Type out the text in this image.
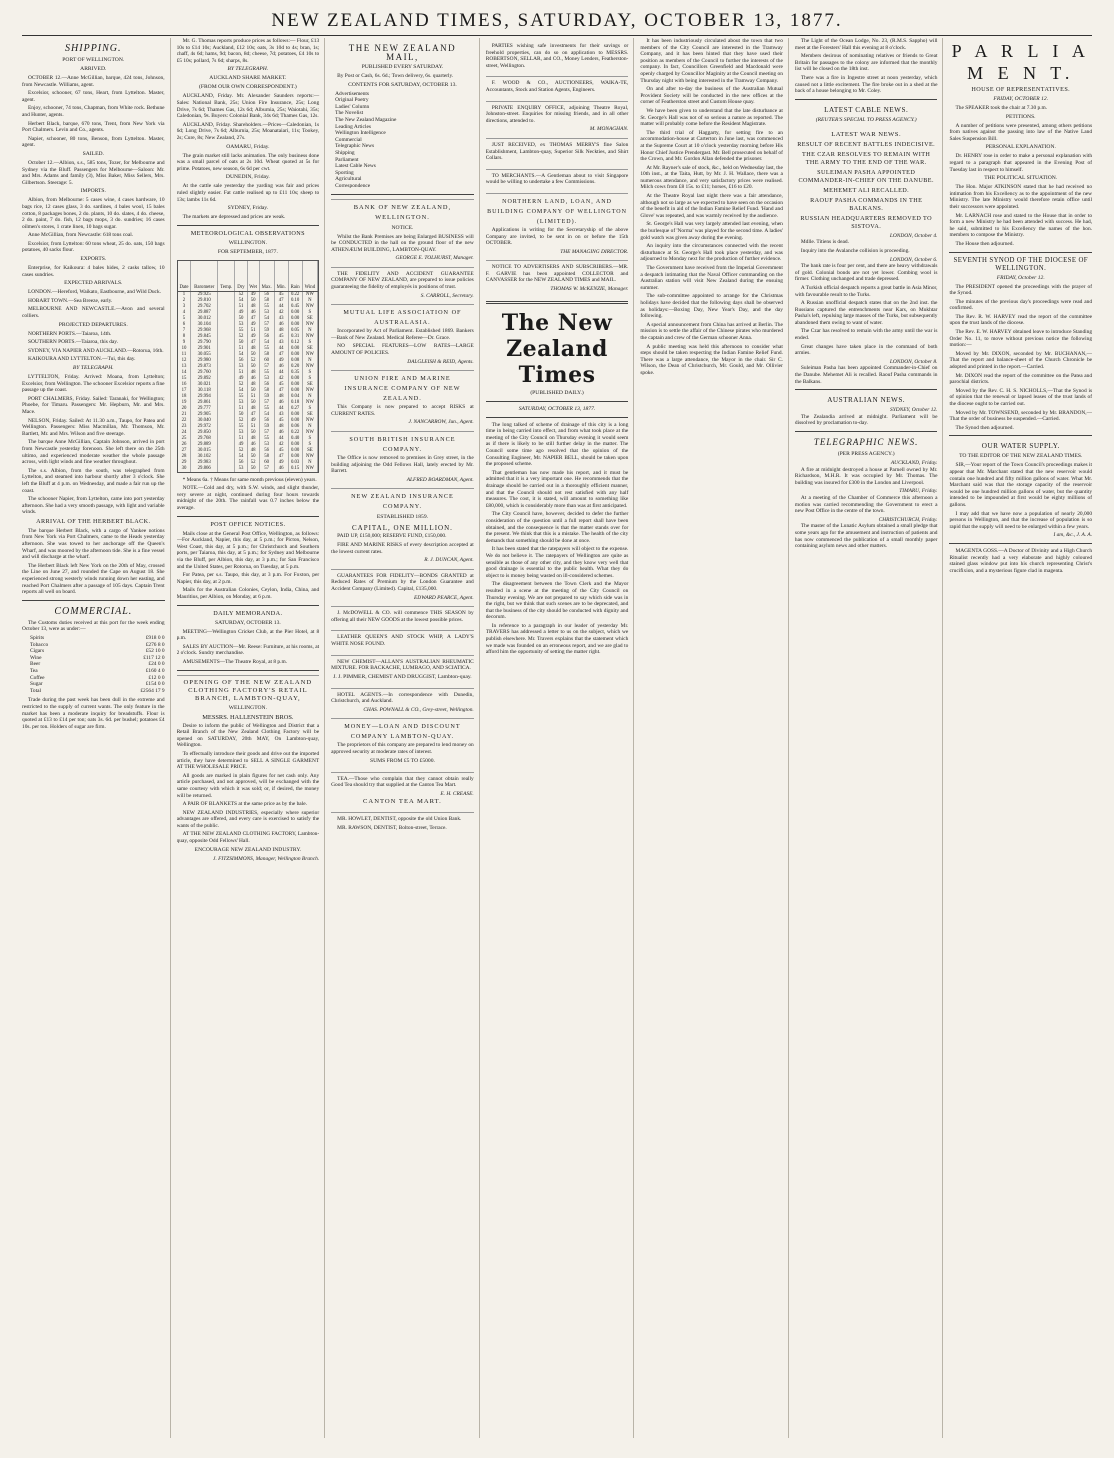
NEW ZEALAND TIMES, SATURDAY, OCTOBER 13, 1877.
SHIPPING.
PORT OF WELLINGTON.
ARRIVED.

OCTOBER 12.—Anne McGillian, barque, 424 tons, Johnson, from Newcastle. Williams, agent.

Excelsior, schooner, 67 tons, Heart, from Lyttelton. Master, agent.

Enjoy, schooner, 74 tons, Chapman, from White rock. Bethune and Hunter, agents.

Herbert Black, barque, 670 tons, Trent, from New York via Port Chalmers. Levin and Co., agents.

Napier, schooner, 80 tons, Benson, from Lyttelton. Master, agent.

SAILED.

October 12.—Albion, s.s., 585 tons, Tozer, for Melbourne and Sydney via the Bluff. Passengers for Melbourne—Saloon: Mr. and Mrs. Adams and family (3), Miss Baker, Miss Sellers, Mrs. Gilbertson. Steerage: 5.

IMPORTS.

Albion, from Melbourne: 5 cases wine, 4 cases hardware, 10 bags rice, 12 cases glass, 3 do. sardines, 4 bales wool, 15 bales cotton, 8 packages bones, 2 do. plants, 10 do. slates, 4 do. cheese, 2 do. paint, 7 do. fish, 12 bags mops, 3 do. sundries; 16 cases oilmen's stores, 1 crate linen, 10 bags sugar.

Anne McGillian, from Newcastle: 618 tons coal.

Excelsior, from Lyttelton: 60 tons wheat, 25 do. oats, 150 bags potatoes, 40 sacks flour.

EXPORTS.

Enterprise, for Kaikoura: 4 bales hides, 2 casks tallow, 10 cases sundries.

EXPECTED ARRIVALS.

LONDON.—Hereford, Waikato, Eastbourne, and Wild Duck.

HOBART TOWN.—Sea Breeze, early.

MELBOURNE AND NEWCASTLE.—Avon and several colliers.

PROJECTED DEPARTURES.

NORTHERN PORTS.—Taiaroa, 14th.

SOUTHERN PORTS.—Taiaroa, this day.

SYDNEY, VIA NAPIER AND AUCKLAND.—Rotorua, 16th.

KAIKOURA AND LYTTELTON.—Tui, this day.

BY TELEGRAPH.

LYTTELTON, Friday. Arrived: Moana, from Lyttelton; Excelsior, from Wellington. The schooner Excelsior reports a fine passage up the coast.

PORT CHALMERS, Friday. Sailed: Taranaki, for Wellington; Phoebe, for Timaru. Passengers: Mr. Hepburn, Mr. and Mrs. Mace.

NELSON, Friday. Sailed: At 11.30 a.m., Taupo, for Patea and Wellington. Passengers: Miss Macmillan, Mr. Thomson, Mr. Bartlett, Mr. and Mrs. Wilson and five steerage.

The barque Anne McGillian, Captain Johnson, arrived in port from Newcastle yesterday forenoon. She left there on the 25th ultimo, and experienced moderate weather the whole passage across, with light winds and fine weather throughout.

The s.s. Albion, from the south, was telegraphed from Lyttelton, and steamed into harbour shortly after 3 o'clock. She left the Bluff at 4 p.m. on Wednesday, and made a fair run up the coast.

The schooner Napier, from Lyttelton, came into port yesterday afternoon. She had a very smooth passage, with light and variable winds.

ARRIVAL OF THE HERBERT BLACK.

The barque Herbert Black, with a cargo of Yankee notions from New York via Port Chalmers, came to the Heads yesterday afternoon. She was towed to her anchorage off the Queen's Wharf, and was moored by the afternoon tide. She is a fine vessel and will discharge at the wharf.

The Herbert Black left New York on the 20th of May, crossed the Line on June 27, and rounded the Cape on August 18. She experienced strong westerly winds running down her easting, and reached Port Chalmers after a passage of 105 days. Captain Trent reports all well on board.

COMMERCIAL.

The Customs duties received at this port for the week ending October 13, were as under:—

Spirits	£918 0 0
Tobacco	£276 8 0
Cigars	£52 10 0
Wine	£117 12 0
Beer	£24 0 0
Tea	£160 4 0
Coffee	£12 0 0
Sugar	£154 0 0
Total	£2564 17 9

Trade during the past week has been dull in the extreme and restricted to the supply of current wants. The only feature in the market has been a moderate inquiry for breadstuffs. Flour is quoted at £13 to £14 per ton; oats 3s. 6d. per bushel; potatoes £4 10s. per ton. Holders of sugar are firm.

Mr. G. Thomas reports produce prices as follows:— Flour, £13 10s to £14 10s; Auckland, £12 10s; oats, 3s 10d to 4s; bran, 1s; chaff, 4s 6d; hams, 9d; bacon, 8d; cheese, 7d; potatoes, £4 10s to £5 10s; pollard, 7s 6d; sharps, 8s.

BY TELEGRAPH.
AUCKLAND SHARE MARKET.
(FROM OUR OWN CORRESPONDENT.)

AUCKLAND, Friday. Mr. Alexander Saunders reports:—Sales: National Bank, 25s; Union Fire Insurance, 25s; Long Drive, 7s 6d; Thames Gas, 12s 6d; Alburnia, 25s; Waiotahi, 35s; Caledonian, 9s. Buyers: Colonial Bank, 34s 6d; Thames Gas, 12s.

AUCKLAND, Friday. Shareholders.—Prices—Caledonian, 1s 6d; Long Drive, 7s 6d; Alburnia, 25s; Moanataiari, 11s; Tookey, 2s; Cure, 8s; New Zealand, 27s.

OAMARU, Friday.

The grain market still lacks animation. The only business done was a small parcel of oats at 2s 10d. Wheat quoted at 5s for prime. Potatoes, new season, 6s 6d per cwt.

DUNEDIN, Friday.

At the cattle sale yesterday the yarding was fair and prices ruled slightly easier. Fat cattle realised up to £11 10s; sheep to 13s; lambs 11s 6d.

SYDNEY, Friday.

The markets are depressed and prices are weak.

METEOROLOGICAL OBSERVATIONS
WELLINGTON.
FOR SEPTEMBER, 1877.
Date	Barometer	Temp.	Dry	Wet	Max.	Min.	Rain	Wind
1	29.925		52	49	56	45	0.22	NW
2	29.810		54	50	58	47	0.10	N
3	29.702		51	48	55	44	0.45	NW
4	29.887		49	46	53	42	0.00	S
5	30.012		50	47	54	43	0.00	SE
6	30.104		53	49	57	46	0.00	NW
7	29.968		55	51	59	48	0.05	N
8	29.845		52	49	56	45	0.31	NW
9	29.790		50	47	54	43	0.12	S
10	29.901		51	48	55	44	0.00	SE
11	30.055		54	50	58	47	0.00	NW
12	29.980		56	52	60	49	0.08	N
13	29.873		53	50	57	46	0.20	NW
14	29.760		51	48	55	44	0.35	S
15	29.892		49	46	53	42	0.00	S
16	30.021		52	48	56	45	0.00	SE
17	30.118		54	50	58	47	0.00	NW
18	29.994		55	51	59	48	0.04	N
19	29.861		53	50	57	46	0.18	NW
20	29.777		51	48	55	44	0.27	S
21	29.905		50	47	54	43	0.00	SE
22	30.040		52	49	56	45	0.00	NW
23	29.972		55	51	59	48	0.06	N
24	29.850		53	50	57	46	0.22	NW
25	29.768		51	48	55	44	0.40	S
26	29.889		49	46	53	42	0.00	S
27	30.015		52	48	56	45	0.00	SE
28	30.102		54	50	58	47	0.00	NW
29	29.983		56	52	60	49	0.03	N
30	29.866		53	50	57	46	0.15	NW

* Means 6a. † Means for same month previous (eleven) years.

NOTE.—Cold and dry, with S.W. winds, and slight thunder, very severe at night, continued during four hours towards midnight of the 20th. The rainfall was 0.7 inches below the average.

POST OFFICE NOTICES.

Mails close at the General Post Office, Wellington, as follows:—For Auckland, Napier, this day, at 5 p.m.; for Picton, Nelson, West Coast, this day, at 5 p.m.; for Christchurch and Southern ports, per Taiaroa, this day, at 5 p.m.; for Sydney and Melbourne via the Bluff, per Albion, this day, at 3 p.m.; for San Francisco and the United States, per Rotorua, on Tuesday, at 5 p.m.

For Patea, per s.s. Taupo, this day, at 3 p.m. For Foxton, per Napier, this day, at 2 p.m.

Mails for the Australian Colonies, Ceylon, India, China, and Mauritius, per Albion, on Monday, at 6 p.m.

DAILY MEMORANDA.
SATURDAY, OCTOBER 13.

MEETING—Wellington Cricket Club, at the Pier Hotel, at 8 p.m.

SALES BY AUCTION—Mr. Reese: Furniture, at his rooms, at 2 o'clock. Sundry merchandise.

AMUSEMENTS—The Theatre Royal, at 8 p.m.

OPENING OF THE NEW ZEALAND CLOTHING FACTORY'S RETAIL BRANCH, LAMBTON-QUAY,
WELLINGTON.
MESSRS. HALLENSTEIN BROS.

Desire to inform the public of Wellington and District that a Retail Branch of the New Zealand Clothing Factory will be opened on SATURDAY, 20th MAY, On Lambton-quay, Wellington.

To effectually introduce their goods and drive out the imported article, they have determined to SELL A SINGLE GARMENT AT THE WHOLESALE PRICE.

All goods are marked in plain figures for net cash only. Any article purchased, and not approved, will be exchanged with the same courtesy with which it was sold; or, if desired, the money will be returned.

A PAIR OF BLANKETS at the same price as by the bale.

NEW ZEALAND INDUSTRIES, especially where superior advantages are offered, and every care is exercised to satisfy the wants of the public.

AT THE NEW ZEALAND CLOTHING FACTORY, Lambton-quay, opposite Odd Fellows' Hall.

ENCOURAGE NEW ZEALAND INDUSTRY.
J. FITZSIMMONS, Manager, Wellington Branch.
THE NEW ZEALAND MAIL,
PUBLISHED EVERY SATURDAY.

By Post or Cash, 6s. 6d.; Town delivery, 6s. quarterly.

CONTENTS FOR SATURDAY, OCTOBER 13.
Advertisements
Original Poetry
Ladies' Column
The Novelist
The New Zealand Magazine
Leading Articles
Wellington Intelligence
Commercial
Telegraphic News
Shipping
Parliament
Latest Cable News
Sporting
Agricultural
Correspondence
BANK OF NEW ZEALAND, WELLINGTON.
NOTICE.

Whilst the Bank Premises are being Enlarged BUSINESS will be CONDUCTED in the hall on the ground floor of the new ATHENÆUM BUILDING, LAMBTON-QUAY.

GEORGE E. TOLHURST, Manager.

THE FIDELITY AND ACCIDENT GUARANTEE COMPANY OF NEW ZEALAND, are prepared to issue policies guaranteeing the fidelity of employés in positions of trust.

S. CARROLL, Secretary.
MUTUAL LIFE ASSOCIATION OF AUSTRALASIA.

Incorporated by Act of Parliament. Established 1869. Bankers—Bank of New Zealand. Medical Referee—Dr. Grace.

NO SPECIAL FEATURES—LOW RATES—LARGE AMOUNT OF POLICIES.

DALGLEISH & REID, Agents.
UNION FIRE AND MARINE INSURANCE COMPANY OF NEW ZEALAND.

This Company is now prepared to accept RISKS at CURRENT RATES.

J. NANCARROW, Jun., Agent.
SOUTH BRITISH INSURANCE COMPANY.

The Office is now removed to premises in Grey street, in the building adjoining the Odd Fellows Hall, lately erected by Mr. Barrett.

ALFRED BOARDMAN, Agent.
NEW ZEALAND INSURANCE COMPANY.
ESTABLISHED 1859.
CAPITAL, ONE MILLION.

PAID UP, £150,000; RESERVE FUND, £150,000.

FIRE AND MARINE RISKS of every description accepted at the lowest current rates.

R. J. DUNCAN, Agent.

GUARANTEES FOR FIDELITY—BONDS GRANTED at Reduced Rates of Premium by the London Guarantee and Accident Company (Limited). Capital, £135,000.

EDWARD PEARCE, Agent.

J. McDOWELL & CO. will commence THIS SEASON by offering all their NEW GOODS at the lowest possible prices.

LEATHER QUEEN'S AND STOCK WHIP, A LADY'S WHITE NOSE FOUND.

NEW CHEMIST—ALLAN'S AUSTRALIAN RHEUMATIC MIXTURE. FOR BACKACHE, LUMBAGO, AND SCIATICA.

J. J. PIMMER, CHEMIST AND DRUGGIST, Lambton-quay.

HOTEL AGENTS.—In correspondence with Dunedin, Christchurch, and Auckland.

CHAS. POWNALL & CO., Grey-street, Wellington.
MONEY—LOAN AND DISCOUNT COMPANY LAMBTON-QUAY.

The proprietors of this company are prepared to lend money on approved security at moderate rates of interest.

SUMS FROM £5 TO £5000.

TEA.—Those who complain that they cannot obtain really Good Tea should try that supplied at the Canton Tea Mart.

E. H. CREASE.
CANTON TEA MART.

MR. HOWLET, DENTIST, opposite the old Union Bank.

MR. RAWSON, DENTIST, Bolton-street, Terrace.

PARTIES wishing safe investments for their savings or freehold properties, can do so on application to MESSRS. ROBERTSON, SELLAR, and CO., Money Lenders, Featherston-street, Wellington.

F. WOOD & CO., AUCTIONEERS, WAIKA-TE, Accountants, Stock and Station Agents, Engineers.

PRIVATE ENQUIRY OFFICE, adjoining Theatre Royal, Johnston-street. Enquiries for missing friends, and in all other directions, attended to.

M. MONAGHAN.

JUST RECEIVED, ex THOMAS MERRY'S fine Salon Establishment, Lambton-quay, Superior Silk Neckties, and Shirt Collars.

TO MERCHANTS.—A Gentleman about to visit Singapore would be willing to undertake a few Commissions.

NORTHERN LAND, LOAN, AND BUILDING COMPANY OF WELLINGTON (LIMITED).

Applications in writing for the Secretaryship of the above Company are invited, to be sent in on or before the 15th OCTOBER.

THE MANAGING DIRECTOR.

NOTICE TO ADVERTISERS AND SUBSCRIBERS.—MR. F. GARVIE has been appointed COLLECTOR and CANVASSER for the NEW ZEALAND TIMES and MAIL.

THOMAS W. McKENZIE, Manager.
The New Zealand Times
(PUBLISHED DAILY.)
SATURDAY, OCTOBER 13, 1877.

The long talked of scheme of drainage of this city is a long time in being carried into effect, and from what took place at the meeting of the City Council on Thursday evening it would seem as if there is likely to be still further delay in the matter. The Council some time ago resolved that the opinion of the Consulting Engineer, Mr. NAPIER BELL, should be taken upon the proposed scheme.

That gentleman has now made his report, and it must be admitted that it is a very important one. He recommends that the drainage should be carried out in a thoroughly efficient manner, and that the Council should not rest satisfied with any half measures. The cost, it is stated, will amount to something like £80,000, which is considerably more than was at first anticipated.

The City Council have, however, decided to defer the further consideration of the question until a full report shall have been obtained, and the consequence is that the matter stands over for the present. We think that this is a mistake. The health of the city demands that something should be done at once.

It has been stated that the ratepayers will object to the expense. We do not believe it. The ratepayers of Wellington are quite as sensible as those of any other city, and they know very well that good drainage is essential to the public health. What they do object to is money being wasted on ill-considered schemes.

The disagreement between the Town Clerk and the Mayor resulted in a scene at the meeting of the City Council on Thursday evening. We are not prepared to say which side was in the right, but we think that such scenes are to be deprecated, and that the business of the city should be conducted with dignity and decorum.

In reference to a paragraph in our leader of yesterday Mr. TRAVERS has addressed a letter to us on the subject, which we publish elsewhere. Mr. Travers explains that the statement which we made was founded on an erroneous report, and we are glad to afford him the opportunity of setting the matter right.

It has been industriously circulated about the town that two members of the City Council are interested in the Tramway Company, and it has been hinted that they have used their position as members of the Council to further the interests of the company. In fact, Councillors Greenfield and Macdonald were openly charged by Councillor Maginity at the Council meeting on Thursday night with being interested in the Tramway Company.

On and after to-day the business of the Australian Mutual Provident Society will be conducted in the new offices at the corner of Featherston street and Custom House quay.

We have been given to understand that the late disturbance at St. George's Hall was not of so serious a nature as reported. The matter will probably come before the Resident Magistrate.

The third trial of Haggarty, for setting fire to an accommodation-house at Carterton in June last, was commenced at the Supreme Court at 10 o'clock yesterday morning before His Honor Chief Justice Prendergast. Mr. Bell prosecuted on behalf of the Crown, and Mr. Gordon Allan defended the prisoner.

At Mr. Rayner's sale of stock, &c., held on Wednesday last, the 10th inst., at the Taita, Hutt, by Mr. J. H. Wallace, there was a numerous attendance, and very satisfactory prices were realised. Milch cows from £8 15s. to £11; horses, £16 to £20.

At the Theatre Royal last night there was a fair attendance, although not so large as we expected to have seen on the occasion of the benefit in aid of the Indian Famine Relief Fund. 'Hand and Glove' was repeated, and was warmly received by the audience.

St. George's Hall was very largely attended last evening, when the burlesque of 'Norma' was played for the second time. A ladies' gold watch was given away during the evening.

An inquiry into the circumstances connected with the recent disturbance at St. George's Hall took place yesterday, and was adjourned to Monday next for the production of further evidence.

The Government have received from the Imperial Government a despatch intimating that the Naval Officer commanding on the Australian station will visit New Zealand during the ensuing summer.

The sub-committee appointed to arrange for the Christmas holidays have decided that the following days shall be observed as holidays:—Boxing Day, New Year's Day, and the day following.

A special announcement from China has arrived at Berlin. The mission is to settle the affair of the Chinese pirates who murdered the captain and crew of the German schooner Anna.

A public meeting was held this afternoon to consider what steps should be taken respecting the Indian Famine Relief Fund. There was a large attendance, the Mayor in the chair. Sir C. Wilson, the Dean of Christchurch, Mr. Gould, and Mr. Ollivier spoke.

The Light of the Ocean Lodge, No. 23, (R.M.S. Sappho) will meet at the Foresters' Hall this evening at 8 o'clock.

Members desirous of nominating relatives or friends to Great Britain for passages to the colony are informed that the monthly list will be closed on the 18th inst.

There was a fire in Ingestre street at noon yesterday, which caused not a little excitement. The fire broke out in a shed at the back of a house belonging to Mr. Coley.

LATEST CABLE NEWS.
(REUTER'S SPECIAL TO PRESS AGENCY.)
LATEST WAR NEWS.
RESULT OF RECENT BATTLES INDECISIVE.
THE CZAR RESOLVES TO REMAIN WITH THE ARMY TO THE END OF THE WAR.
SULEIMAN PASHA APPOINTED COMMANDER-IN-CHIEF ON THE DANUBE.
MEHEMET ALI RECALLED.
RAOUF PASHA COMMANDS IN THE BALKANS.
RUSSIAN HEADQUARTERS REMOVED TO SISTOVA.
LONDON, October 4.

Mdlle. Titiens is dead.

Inquiry into the Avalanche collision is proceeding.

LONDON, October 6.

The bank rate is four per cent, and there are heavy withdrawals of gold. Colonial bonds are not yet lower. Combing wool is firmer. Clothing unchanged and trade depressed.

A Turkish official despatch reports a great battle in Asia Minor, with favourable result to the Turks.

A Russian unofficial despatch states that on the 2nd inst. the Russians captured the entrenchments near Kars, on Mukhtar Pasha's left, repulsing large masses of the Turks, but subsequently abandoned them owing to want of water.

The Czar has resolved to remain with the army until the war is ended.

Great changes have taken place in the command of both armies.

LONDON, October 8.

Suleiman Pasha has been appointed Commander-in-Chief on the Danube. Mehemet Ali is recalled. Raouf Pasha commands in the Balkans.

AUSTRALIAN NEWS.
SYDNEY, October 12.

The Zealandia arrived at midnight. Parliament will be dissolved by proclamation to-day.

TELEGRAPHIC NEWS.
(PER PRESS AGENCY.)
AUCKLAND, Friday.

A fire at midnight destroyed a house at Parnell owned by Mr. Richardson, M.H.R. It was occupied by Mr. Thomas. The building was insured for £300 in the London and Liverpool.

TIMARU, Friday.

At a meeting of the Chamber of Commerce this afternoon a motion was carried recommending the Government to erect a new Post Office in the centre of the town.

CHRISTCHURCH, Friday.

The master of the Lunatic Asylum obtained a small pledge that some years ago for the amusement and instruction of patients and has now commenced the publication of a small monthly paper containing asylum news and other matters.

P A R L I A M E N T.
HOUSE OF REPRESENTATIVES.
FRIDAY, OCTOBER 12.

The SPEAKER took the chair at 7.30 p.m.

PETITIONS.

A number of petitions were presented, among others petitions from natives against the passing into law of the Native Land Sales Suspension Bill.

PERSONAL EXPLANATION.

Dr. HENRY rose in order to make a personal explanation with regard to a paragraph that appeared in the Evening Post of Tuesday last in respect to himself.

THE POLITICAL SITUATION.

The Hon. Major ATKINSON stated that he had received no intimation from his Excellency as to the appointment of the new Ministry. The late Ministry would therefore retain office until their successors were appointed.

Mr. LARNACH rose and stated to the House that in order to form a new Ministry he had been attended with success. He had, he said, submitted to his Excellency the names of the hon. members to compose the Ministry.

The House then adjourned.

SEVENTH SYNOD OF THE DIOCESE OF WELLINGTON.
FRIDAY, October 12.

The PRESIDENT opened the proceedings with the prayer of the Synod.

The minutes of the previous day's proceedings were read and confirmed.

The Rev. R. W. HARVEY read the report of the committee upon the trust lands of the diocese.

The Rev. E. W. HARVEY obtained leave to introduce Standing Order No. 11, to move without previous notice the following motion:—

Moved by Mr. DIXON, seconded by Mr. BUCHANAN,—That the report and balance-sheet of the Church Chronicle be adopted and printed in the report.—Carried.

Mr. DIXON read the report of the committee on the Patea and parochial districts.

Moved by the Rev. C. H. S. NICHOLLS,—That the Synod is of opinion that the renewal or lapsed leases of the trust lands of the diocese ought to be carried out.

Moved by Mr. TOWNSEND, seconded by Mr. BRANDON,—That the order of business be suspended.—Carried.

The Synod then adjourned.

OUR WATER SUPPLY.
TO THE EDITOR OF THE NEW ZEALAND TIMES.

SIR,—Your report of the Town Council's proceedings makes it appear that Mr. Marchant stated that the new reservoir would contain one hundred and fifty million gallons of water. What Mr. Marchant said was that the storage capacity of the reservoir would be one hundred million gallons of water, but the quantity intended to be impounded at first would be eighty millions of gallons.

I may add that we have now a population of nearly 20,000 persons in Wellington, and that the increase of population is so rapid that the supply will need to be enlarged within a few years.

I am, &c., J. A. A.

MAGENTA GOSS.—A Doctor of Divinity and a High Church Ritualist recently had a very elaborate and highly coloured stained glass window put into his church representing Christ's crucifixion, and a mysterious figure clad in magenta.
